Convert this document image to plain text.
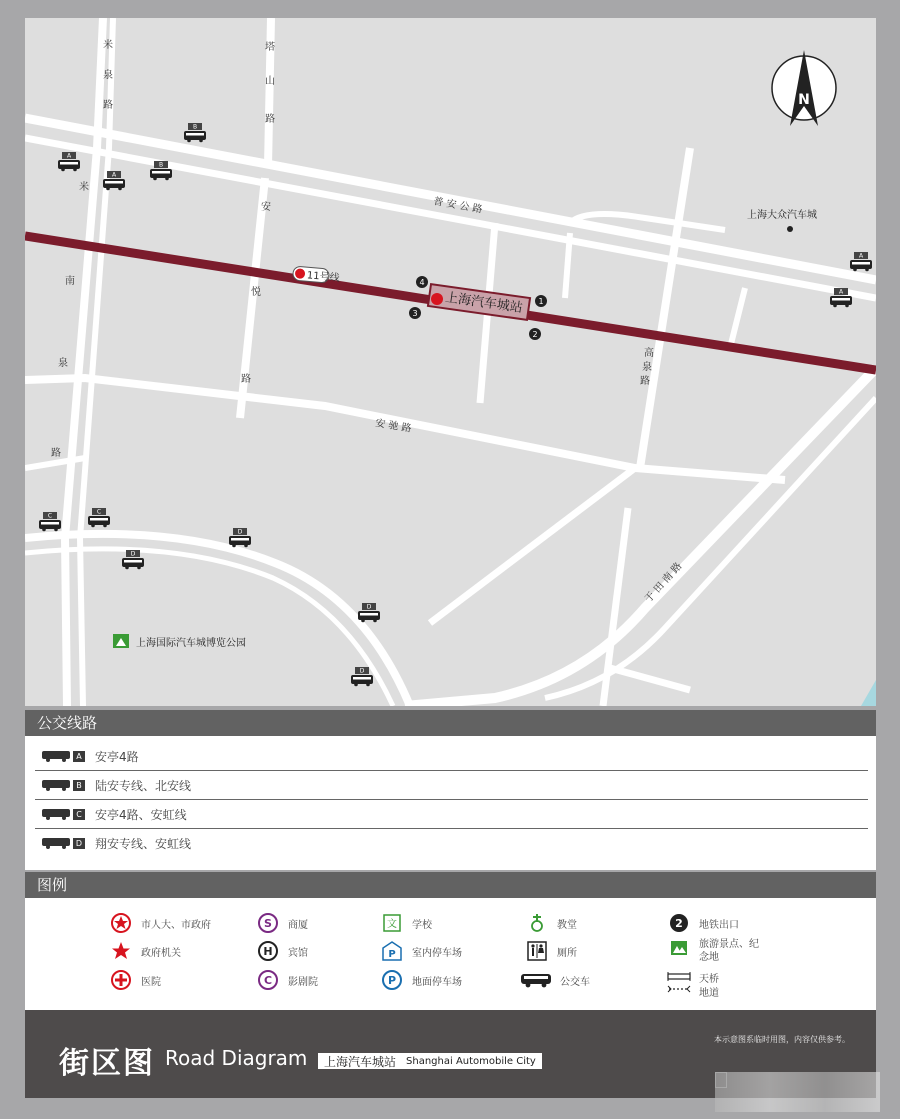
11号线
上海汽车城站 1
2
3
4
米
泉
路
米
南
泉
路
塔
山
路
安
悦
路
普 安 公 路
安 驰 路
高
泉
路
于 田 南 路
上海大众汽车城
上海国际汽车城博览公园
N
A
A
A
A
B
B
C
C
D
D
D
D
公交线路
A 安亭4路
B 陆安专线、北安线
C 安亭4路、安虹线
D 翔安专线、安虹线
图例
市人大、市政府
政府机关
医院
S 商厦
H 宾馆
C 影剧院
文 学校
P 室内停车场
P 地面停车场
教堂
厕所
公交车
2 地铁出口
旅游景点、纪念地
天桥
地道
街区图 Road Diagram 上海汽车城站 Shanghai Automobile City
本示意图系临时用图，内容仅供参考。
